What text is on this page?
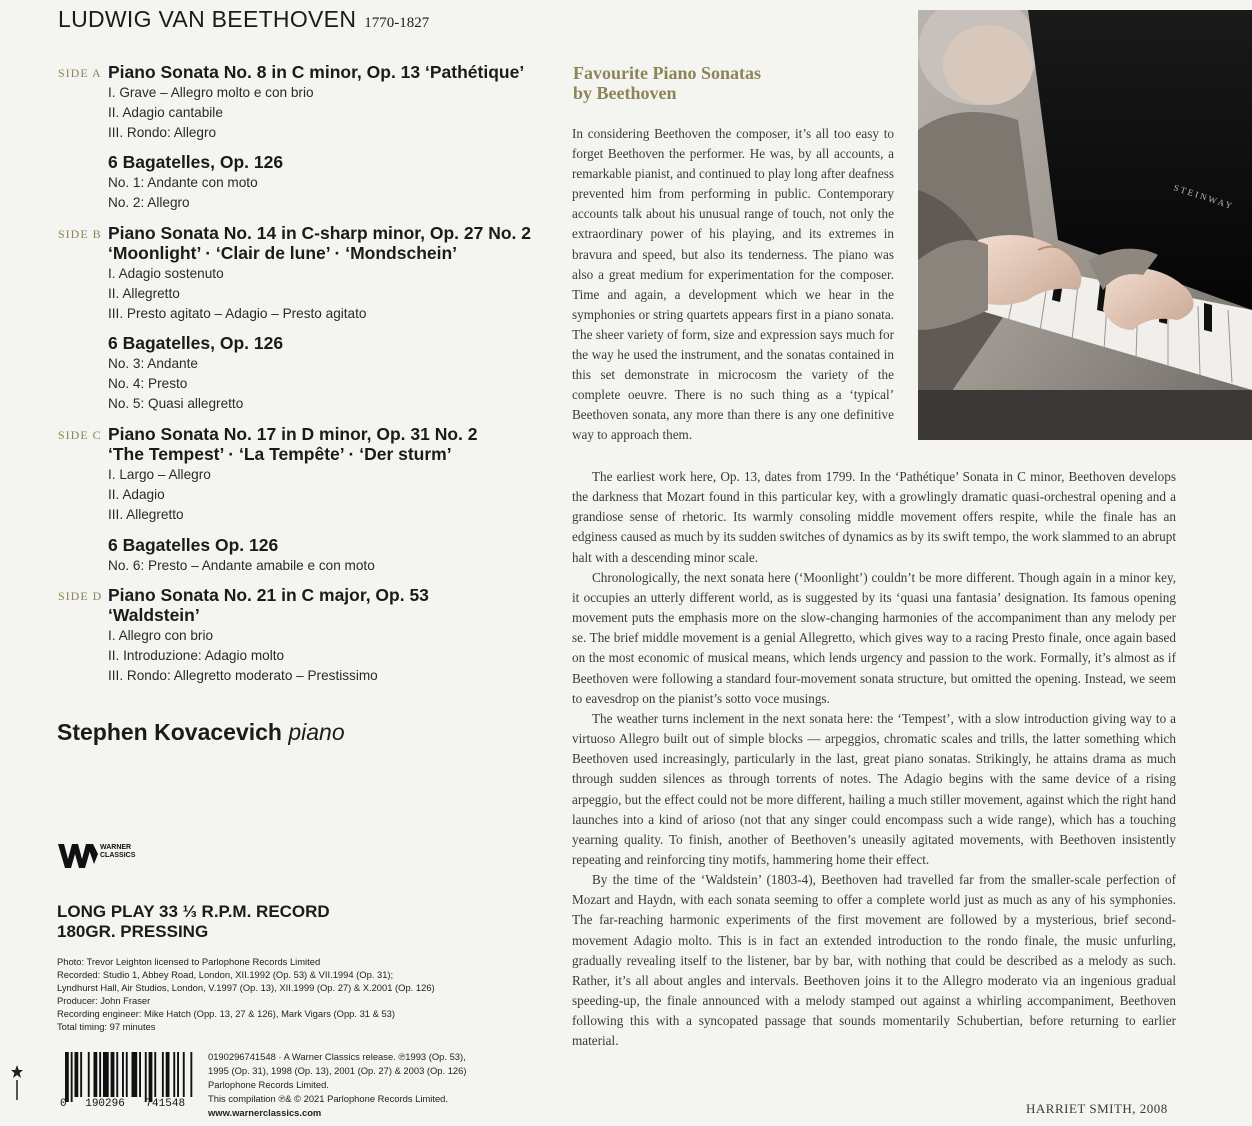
LUDWIG VAN BEETHOVEN 1770-1827
SIDE A Piano Sonata No. 8 in C minor, Op. 13 ‘Pathétique’
I. Grave – Allegro molto e con brio
II. Adagio cantabile
III. Rondo: Allegro
6 Bagatelles, Op. 126
No. 1: Andante con moto
No. 2: Allegro
SIDE B Piano Sonata No. 14 in C-sharp minor, Op. 27 No. 2
‘Moonlight’ · ‘Clair de lune’ · ‘Mondschein’
I. Adagio sostenuto
II. Allegretto
III. Presto agitato – Adagio – Presto agitato
6 Bagatelles, Op. 126
No. 3: Andante
No. 4: Presto
No. 5: Quasi allegretto
SIDE C Piano Sonata No. 17 in D minor, Op. 31 No. 2
‘The Tempest’ · ‘La Tempête’ · ‘Der sturm’
I. Largo – Allegro
II. Adagio
III. Allegretto
6 Bagatelles Op. 126
No. 6: Presto – Andante amabile e con moto
SIDE D Piano Sonata No. 21 in C major, Op. 53
‘Waldstein’
I. Allegro con brio
II. Introduzione: Adagio molto
III. Rondo: Allegretto moderato – Prestissimo
Stephen Kovacevich piano
WARNER
CLASSICS
LONG PLAY 33 ⅓ R.P.M. RECORD
180GR. PRESSING
Photo: Trevor Leighton licensed to Parlophone Records Limited
Recorded: Studio 1, Abbey Road, London, XII.1992 (Op. 53) & VII.1994 (Op. 31);
Lyndhurst Hall, Air Studios, London, V.1997 (Op. 13), XII.1999 (Op. 27) & X.2001 (Op. 126)
Producer: John Fraser
Recording engineer: Mike Hatch (Opp. 13, 27 & 126), Mark Vigars (Opp. 31 & 53)
Total timing: 97 minutes
0 190296 741548
0190296741548 · A Warner Classics release. ℗1993 (Op. 53),
1995 (Op. 31), 1998 (Op. 13), 2001 (Op. 27) & 2003 (Op. 126)
Parlophone Records Limited.
This compilation ℗& © 2021 Parlophone Records Limited.
www.warnerclassics.com
S T E I N W A Y
Favourite Piano Sonatas
by Beethoven
In considering Beethoven the composer, it’s all too easy to forget Beethoven the performer. He was, by all accounts, a remarkable pianist, and continued to play long after deafness prevented him from performing in public. Contemporary accounts talk about his unusual range of touch, not only the extraordinary power of his playing, and its extremes in bravura and speed, but also its tenderness. The piano was also a great medium for experimentation for the composer. Time and again, a development which we hear in the symphonies or string quartets appears first in a piano sonata. The sheer variety of form, size and expression says much for the way he used the instrument, and the sonatas contained in this set demonstrate in microcosm the variety of the complete oeuvre. There is no such thing as a ‘typical’ Beethoven sonata, any more than there is any one definitive way to approach them.

The earliest work here, Op. 13, dates from 1799. In the ‘Pathétique’ Sonata in C minor, Beethoven develops the darkness that Mozart found in this particular key, with a growlingly dramatic quasi-orchestral opening and a grandiose sense of rhetoric. Its warmly consoling middle movement offers respite, while the finale has an edginess caused as much by its sudden switches of dynamics as by its swift tempo, the work slammed to an abrupt halt with a descending minor scale.

Chronologically, the next sonata here (‘Moonlight’) couldn’t be more different. Though again in a minor key, it occupies an utterly different world, as is suggested by its ‘quasi una fantasia’ designation. Its famous opening movement puts the emphasis more on the slow-changing harmonies of the accompaniment than any melody per se. The brief middle movement is a genial Allegretto, which gives way to a racing Presto finale, once again based on the most economic of musical means, which lends urgency and passion to the work. Formally, it’s almost as if Beethoven were following a standard four-movement sonata structure, but omitted the opening. Instead, we seem to eavesdrop on the pianist’s sotto voce musings.

The weather turns inclement in the next sonata here: the ‘Tempest’, with a slow introduction giving way to a virtuoso Allegro built out of simple blocks — arpeggios, chromatic scales and trills, the latter something which Beethoven used increasingly, particularly in the last, great piano sonatas. Strikingly, he attains drama as much through sudden silences as through torrents of notes. The Adagio begins with the same device of a rising arpeggio, but the effect could not be more different, hailing a much stiller movement, against which the right hand launches into a kind of arioso (not that any singer could encompass such a wide range), which has a touching yearning quality. To finish, another of Beethoven’s uneasily agitated movements, with Beethoven insistently repeating and reinforcing tiny motifs, hammering home their effect.

By the time of the ‘Waldstein’ (1803-4), Beethoven had travelled far from the smaller-scale perfection of Mozart and Haydn, with each sonata seeming to offer a complete world just as much as any of his symphonies. The far-reaching harmonic experiments of the first movement are followed by a mysterious, brief second-movement Adagio molto. This is in fact an extended introduction to the rondo finale, the music unfurling, gradually revealing itself to the listener, bar by bar, with nothing that could be described as a melody as such. Rather, it’s all about angles and intervals. Beethoven joins it to the Allegro moderato via an ingenious gradual speeding-up, the finale announced with a melody stamped out against a whirling accompaniment, Beethoven following this with a syncopated passage that sounds momentarily Schubertian, before returning to earlier material.

HARRIET SMITH, 2008
